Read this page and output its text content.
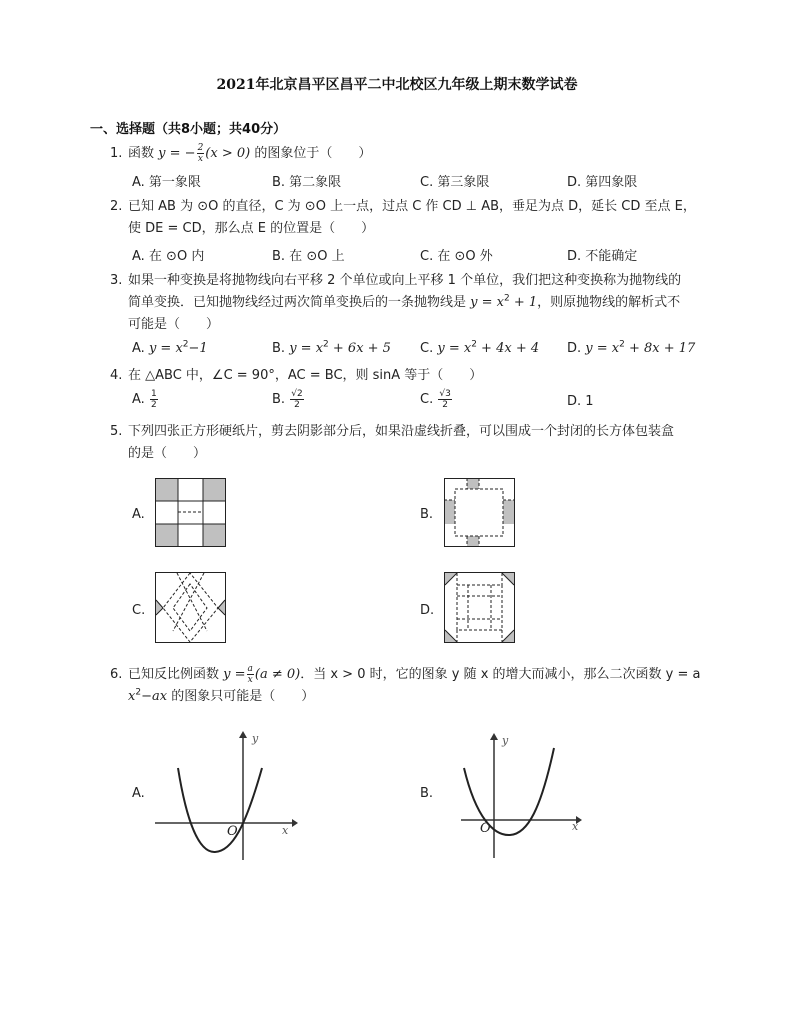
2021年北京昌平区昌平二中北校区九年级上期末数学试卷
一、选择题（共8小题；共40分）
1. 函数 y = − $\frac{2}{x} (x > 0)$ 的图象位于（　　）
A. 第一象限	B. 第二象限	C. 第三象限	D. 第四象限
2. 已知 AB 为 ⊙O 的直径，C 为 ⊙O 上一点，过点 C 作 CD ⊥ AB，垂足为点 D，延长 CD 至点 E，
使 DE = CD，那么点 E 的位置是（　　）
A. 在 ⊙O 内	B. 在 ⊙O 上	C. 在 ⊙O 外	D. 不能确定
3. 如果一种变换是将抛物线向右平移 2 个单位或向上平移 1 个单位，我们把这种变换称为抛物线的
简单变换．已知抛物线经过两次简单变换后的一条抛物线是 $y = x^2 + 1$，则原抛物线的解析式不
可能是（　　）
A. $y = x^2-1$	B. $y = x^2 + 6x + 5$ C. $y = x^2 + 4x + 4$ D. $y = x^2 + 8x + 17$
4. 在 △ABC 中，∠C = 90°，AC = BC，则 sinA 等于（　　）
A. $\frac{1}{2}$	B. $\frac{√2}{2}$	C. $\frac{√3}{2}$	D. 1
5. 下列四张正方形硬纸片，剪去阴影部分后，如果沿虚线折叠，可以围成一个封闭的长方体包装盒
的是（　　）
A.	B.
C.	D.
6. 已知反比例函数 $y = \frac{a}{x} (a \ne 0)$．当 x > 0 时，它的图象 y 随 x 的增大而减小，那么二次函数 y = a
$x^2-ax$ 的图象只可能是（　　）
A.
y
x
O
B.
y
x
O
